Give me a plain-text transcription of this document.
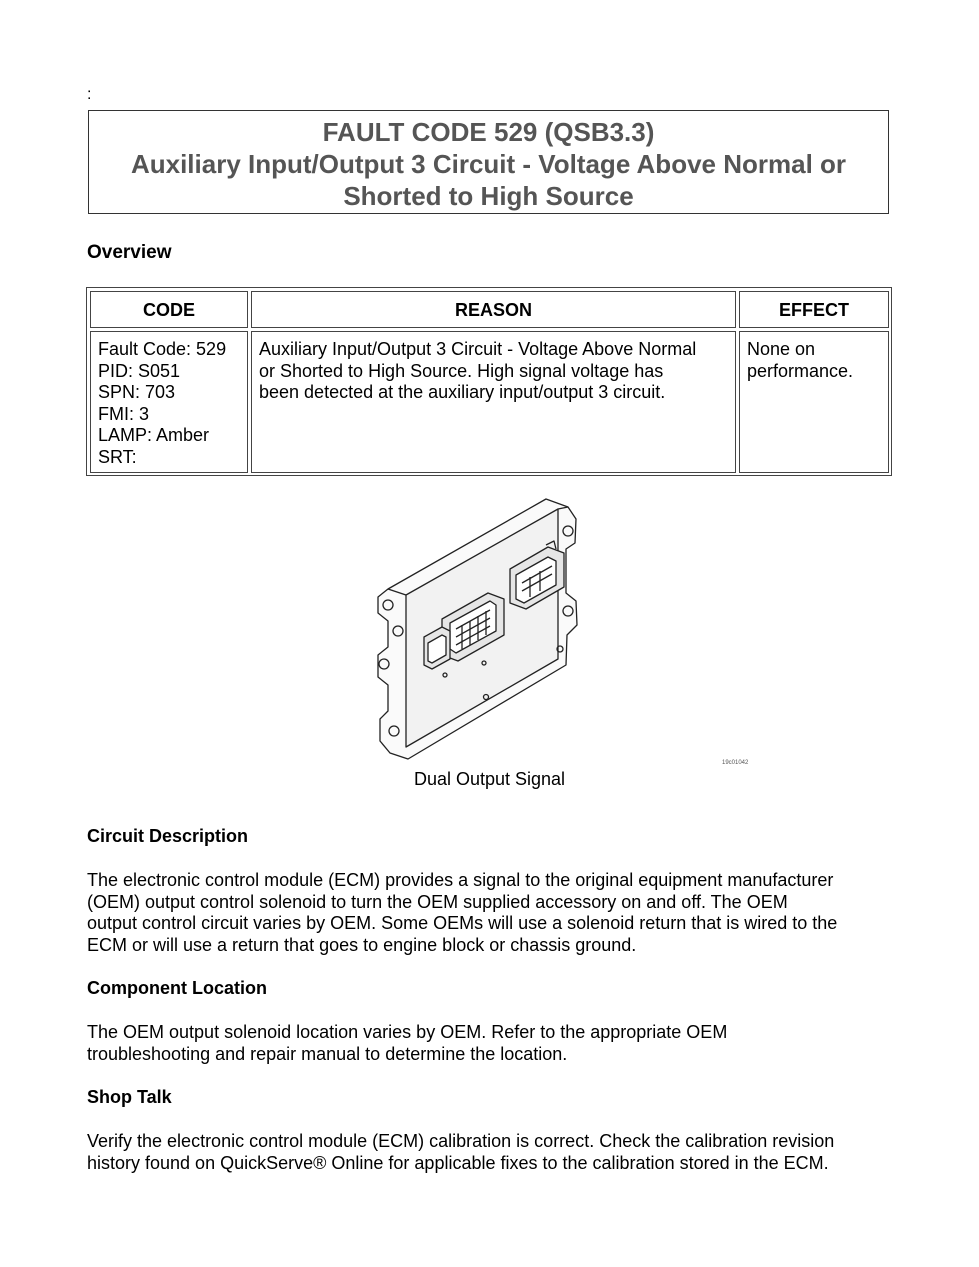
:
FAULT CODE 529 (QSB3.3)
Auxiliary Input/Output 3 Circuit - Voltage Above Normal or
Shorted to High Source
Overview
CODE	REASON	EFFECT
Fault Code: 529
PID: S051
SPN: 703
FMI: 3
LAMP: Amber
SRT:
Auxiliary Input/Output 3 Circuit - Voltage Above Normal
or Shorted to High Source. High signal voltage has
been detected at the auxiliary input/output 3 circuit.
None on
performance.
19c01042
Dual Output Signal
Circuit Description
The electronic control module (ECM) provides a signal to the original equipment manufacturer
(OEM) output control solenoid to turn the OEM supplied accessory on and off. The OEM
output control circuit varies by OEM. Some OEMs will use a solenoid return that is wired to the
ECM or will use a return that goes to engine block or chassis ground.
Component Location
The OEM output solenoid location varies by OEM. Refer to the appropriate OEM
troubleshooting and repair manual to determine the location.
Shop Talk
Verify the electronic control module (ECM) calibration is correct. Check the calibration revision
history found on QuickServe® Online for applicable fixes to the calibration stored in the ECM.
